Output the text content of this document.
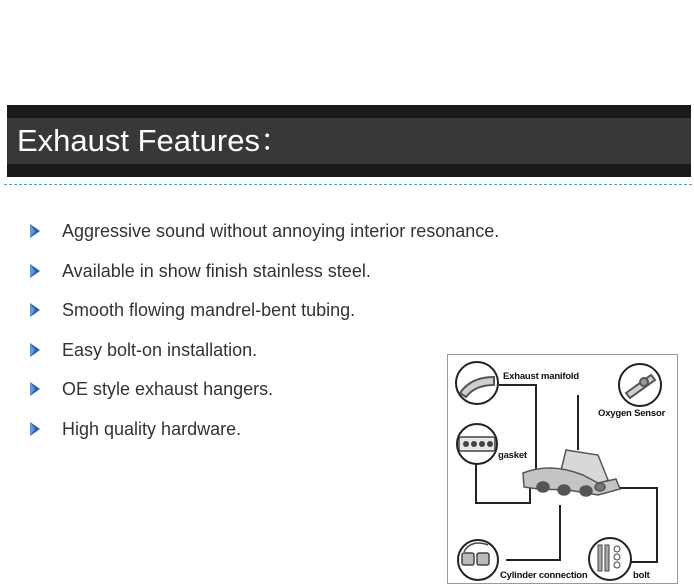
Exhaust Features：
Aggressive sound without annoying interior resonance.
Available in show finish stainless steel.
Smooth flowing mandrel-bent tubing.
Easy bolt-on installation.
OE style exhaust hangers.
High quality hardware.
Exhaust manifold
Oxygen Sensor
gasket
Cylinder connection	bolt
